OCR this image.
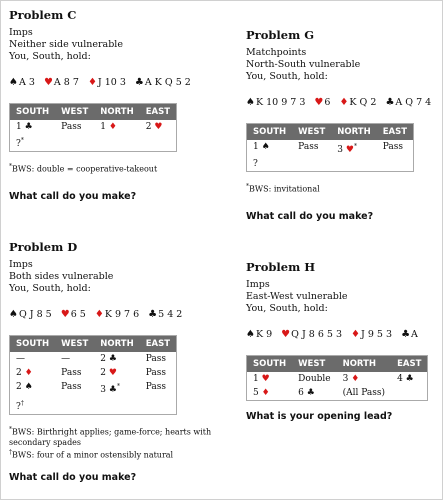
Problem C
Imps
Neither side vulnerable
You, South, hold:
♠A 3 ♥A 8 7 ♦J 10 3 ♣A K Q 5 2
SOUTH	WEST	NORTH	EAST
1 ♣	Pass	1 ♦	2 ♥
?*			
*BWS: double = cooperative-takeout
What call do you make?
Problem G
Matchpoints
North-South vulnerable
You, South, hold:
♠K 10 9 7 3 ♥6 ♦K Q 2 ♣A Q 7 4
SOUTH	WEST	NORTH	EAST
1 ♠	Pass	3 ♥*	Pass
?			
*BWS: invitational
What call do you make?
Problem D
Imps
Both sides vulnerable
You, South, hold:
♠Q J 8 5 ♥6 5 ♦K 9 7 6 ♣5 4 2
SOUTH	WEST	NORTH	EAST
—	—	2 ♣	Pass
2 ♦	Pass	2 ♥	Pass
2 ♠	Pass	3 ♣*	Pass
?†			
*BWS: Birthright applies; game-force; hearts with secondary spades
†BWS: four of a minor ostensibly natural
What call do you make?
Problem H
Imps
East-West vulnerable
You, South, hold:
♠K 9 ♥Q J 8 6 5 3 ♦J 9 5 3 ♣A
SOUTH	WEST	NORTH	EAST
1 ♥	Double	3 ♦	4 ♣
5 ♦	6 ♣	(All Pass)	
What is your opening lead?
